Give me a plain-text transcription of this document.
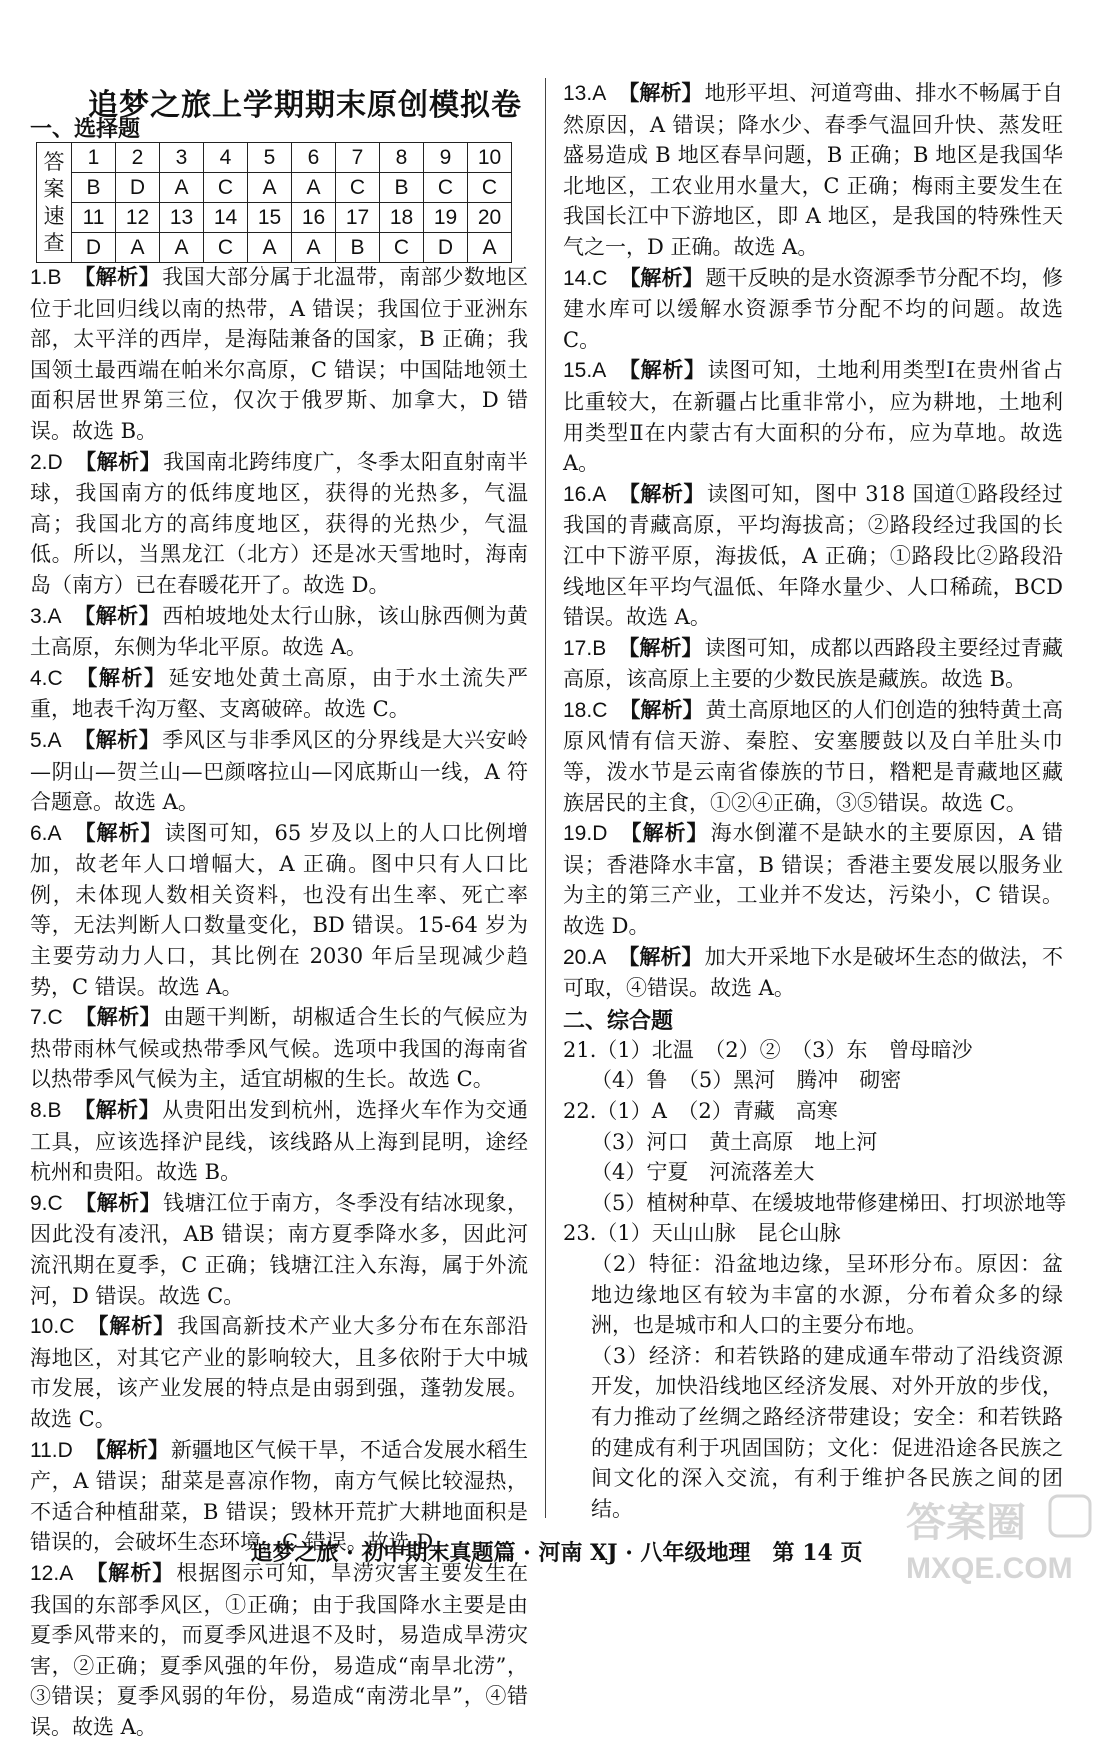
追梦之旅上学期期末原创模拟卷
一、选择题
答
案
速
查	1	2	3	4	5	6	7	8	9	10
	B	D	A	C	A	A	C	B	C	C
	11	12	13	14	15	16	17	18	19	20
	D	A	A	C	A	A	B	C	D	A

1.B 【解析】我国大部分属于北温带，南部少数地区位于北回归线以南的热带，A 错误；我国位于亚洲东部，太平洋的西岸，是海陆兼备的国家，B 正确；我国领土最西端在帕米尔高原，C 错误；中国陆地领土面积居世界第三位，仅次于俄罗斯、加拿大，D 错误。故选 B。

2.D 【解析】我国南北跨纬度广，冬季太阳直射南半球，我国南方的低纬度地区，获得的光热多，气温高；我国北方的高纬度地区，获得的光热少，气温低。所以，当黑龙江（北方）还是冰天雪地时，海南岛（南方）已在春暖花开了。故选 D。

3.A 【解析】西柏坡地处太行山脉，该山脉西侧为黄土高原，东侧为华北平原。故选 A。

4.C 【解析】延安地处黄土高原，由于水土流失严重，地表千沟万壑、支离破碎。故选 C。

5.A 【解析】季风区与非季风区的分界线是大兴安岭—阴山—贺兰山—巴颜喀拉山—冈底斯山一线，A 符合题意。故选 A。

6.A 【解析】读图可知，65 岁及以上的人口比例增加，故老年人口增幅大，A 正确。图中只有人口比例，未体现人数相关资料，也没有出生率、死亡率等，无法判断人口数量变化，BD 错误。15-64 岁为主要劳动力人口，其比例在 2030 年后呈现减少趋势，C 错误。故选 A。

7.C 【解析】由题干判断，胡椒适合生长的气候应为热带雨林气候或热带季风气候。选项中我国的海南省以热带季风气候为主，适宜胡椒的生长。故选 C。

8.B 【解析】从贵阳出发到杭州，选择火车作为交通工具，应该选择沪昆线，该线路从上海到昆明，途经杭州和贵阳。故选 B。

9.C 【解析】钱塘江位于南方，冬季没有结冰现象，因此没有凌汛，AB 错误；南方夏季降水多，因此河流汛期在夏季，C 正确；钱塘江注入东海，属于外流河，D 错误。故选 C。

10.C 【解析】我国高新技术产业大多分布在东部沿海地区，对其它产业的影响较大，且多依附于大中城市发展，该产业发展的特点是由弱到强，蓬勃发展。故选 C。

11.D 【解析】新疆地区气候干旱，不适合发展水稻生产，A 错误；甜菜是喜凉作物，南方气候比较湿热，不适合种植甜菜，B 错误；毁林开荒扩大耕地面积是错误的，会破坏生态环境，C 错误。故选 D。

12.A 【解析】根据图示可知，旱涝灾害主要发生在我国的东部季风区，①正确；由于我国降水主要是由夏季风带来的，而夏季风进退不及时，易造成旱涝灾害，②正确；夏季风强的年份，易造成“南旱北涝”，③错误；夏季风弱的年份，易造成“南涝北旱”，④错误。故选 A。

13.A 【解析】地形平坦、河道弯曲、排水不畅属于自然原因，A 错误；降水少、春季气温回升快、蒸发旺盛易造成 B 地区春旱问题，B 正确；B 地区是我国华北地区，工农业用水量大，C 正确；梅雨主要发生在我国长江中下游地区，即 A 地区，是我国的特殊性天气之一，D 正确。故选 A。

14.C 【解析】题干反映的是水资源季节分配不均，修建水库可以缓解水资源季节分配不均的问题。故选 C。

15.A 【解析】读图可知，土地利用类型Ⅰ在贵州省占比重较大，在新疆占比重非常小，应为耕地，土地利用类型Ⅱ在内蒙古有大面积的分布，应为草地。故选 A。

16.A 【解析】读图可知，图中 318 国道①路段经过我国的青藏高原，平均海拔高；②路段经过我国的长江中下游平原，海拔低，A 正确；①路段比②路段沿线地区年平均气温低、年降水量少、人口稀疏，BCD 错误。故选 A。

17.B 【解析】读图可知，成都以西路段主要经过青藏高原，该高原上主要的少数民族是藏族。故选 B。

18.C 【解析】黄土高原地区的人们创造的独特黄土高原风情有信天游、秦腔、安塞腰鼓以及白羊肚头巾等，泼水节是云南省傣族的节日，糌粑是青藏地区藏族居民的主食，①②④正确，③⑤错误。故选 C。

19.D 【解析】海水倒灌不是缺水的主要原因，A 错误；香港降水丰富，B 错误；香港主要发展以服务业为主的第三产业，工业并不发达，污染小，C 错误。故选 D。

20.A 【解析】加大开采地下水是破坏生态的做法，不可取，④错误。故选 A。

二、综合题

21.（1）北温　（2）②　（3）东　曾母暗沙

（4）鲁　（5）黑河　腾冲　砌密

22.（1）A　（2）青藏　高寒

（3）河口　黄土高原　地上河

（4）宁夏　河流落差大

（5）植树种草、在缓坡地带修建梯田、打坝淤地等

23.（1）天山山脉　昆仑山脉

（2）特征：沿盆地边缘，呈环形分布。原因：盆地边缘地区有较为丰富的水源，分布着众多的绿洲，也是城市和人口的主要分布地。

（3）经济：和若铁路的建成通车带动了沿线资源开发，加快沿线地区经济发展、对外开放的步伐，有力推动了丝绸之路经济带建设；安全：和若铁路的建成有利于巩固国防；文化：促进沿途各民族之间文化的深入交流，有利于维护各民族之间的团结。

追梦之旅 · 初中期末真题篇 · 河南 XJ · 八年级地理　第 14 页
答案圈
MXQE.COM
